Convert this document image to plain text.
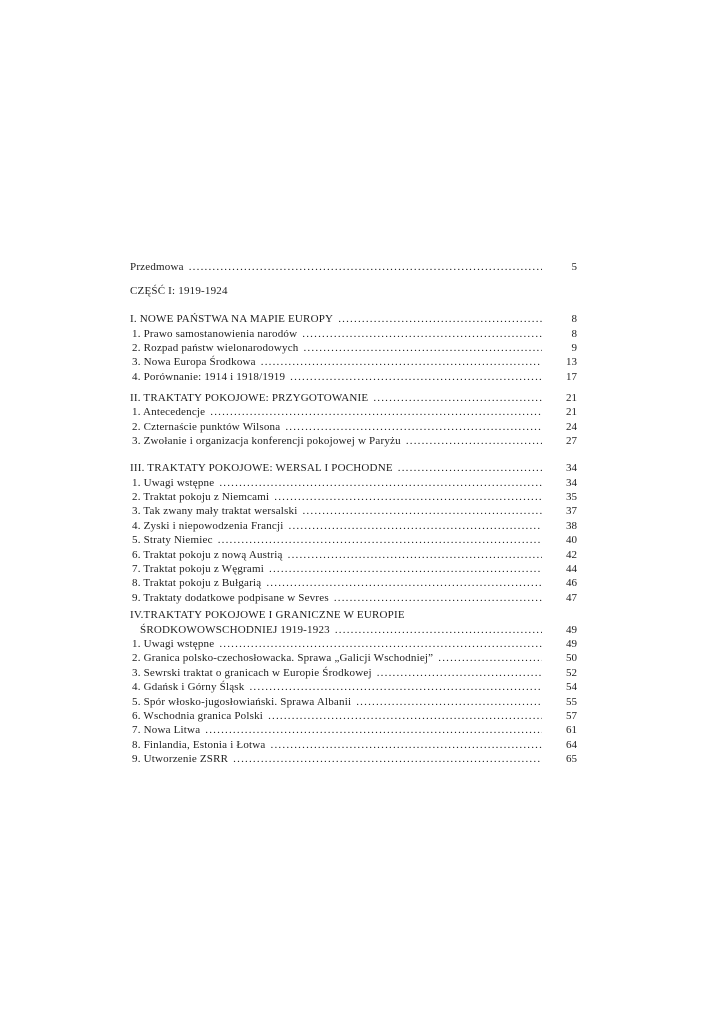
Przedmowa .....	5
CZĘŚĆ I: 1919-1924
I. NOWE PAŃSTWA NA MAPIE EUROPY .....	8
1. Prawo samostanowienia narodów .....	8
2. Rozpad państw wielonarodowych .....	9
3. Nowa Europa Środkowa .....	13
4. Porównanie: 1914 i 1918/1919 .....	17
II. TRAKTATY POKOJOWE: PRZYGOTOWANIE .....	21
1. Antecedencje .....	21
2. Czternaście punktów Wilsona .....	24
3. Zwołanie i organizacja konferencji pokojowej w Paryżu .....	27
III. TRAKTATY POKOJOWE: WERSAL I POCHODNE .....	34
1. Uwagi wstępne .....	34
2. Traktat pokoju z Niemcami .....	35
3. Tak zwany mały traktat wersalski .....	37
4. Zyski i niepowodzenia Francji .....	38
5. Straty Niemiec .....	40
6. Traktat pokoju z nową Austrią .....	42
7. Traktat pokoju z Węgrami .....	44
8. Traktat pokoju z Bułgarią .....	46
9. Traktaty dodatkowe podpisane w Sevres .....	47
IV.TRAKTATY POKOJOWE I GRANICZNE W EUROPIE
ŚRODKOWOWSCHODNIEJ 1919-1923 .....	49
1. Uwagi wstępne .....	49
2. Granica polsko-czechosłowacka. Sprawa „Galicji Wschodniej” .....	50
3. Sewrski traktat o granicach w Europie Środkowej .....	52
4. Gdańsk i Górny Śląsk .....	54
5. Spór włosko-jugosłowiański. Sprawa Albanii .....	55
6. Wschodnia granica Polski .....	57
7. Nowa Litwa .....	61
8. Finlandia, Estonia i Łotwa .....	64
9. Utworzenie ZSRR .....	65
